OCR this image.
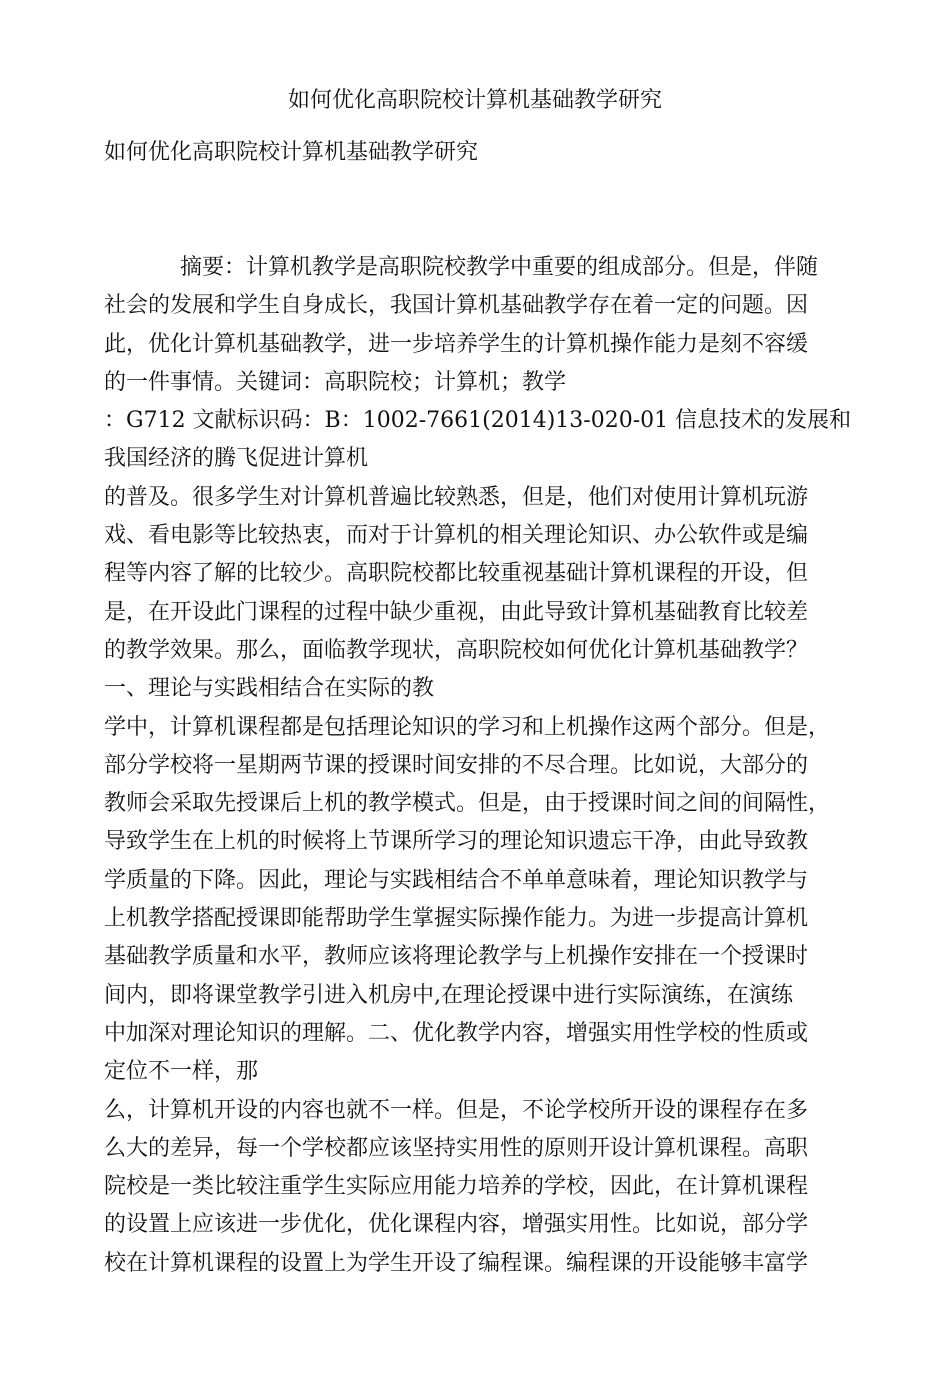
如何优化高职院校计算机基础教学研究
如何优化高职院校计算机基础教学研究
摘要：计算机教学是高职院校教学中重要的组成部分。但是，伴随
社会的发展和学生自身成长，我国计算机基础教学存在着一定的问题。因
此，优化计算机基础教学，进一步培养学生的计算机操作能力是刻不容缓
的一件事情。关键词：高职院校；计算机；教学
：G712 文献标识码：B：1002-7661(2014)13-020-01 信息技术的发展和
我国经济的腾飞促进计算机
的普及。很多学生对计算机普遍比较熟悉，但是，他们对使用计算机玩游
戏、看电影等比较热衷，而对于计算机的相关理论知识、办公软件或是编
程等内容了解的比较少。高职院校都比较重视基础计算机课程的开设，但
是，在开设此门课程的过程中缺少重视，由此导致计算机基础教育比较差
的教学效果。那么，面临教学现状，高职院校如何优化计算机基础教学？
一、理论与实践相结合在实际的教
学中，计算机课程都是包括理论知识的学习和上机操作这两个部分。但是，
部分学校将一星期两节课的授课时间安排的不尽合理。比如说，大部分的
教师会采取先授课后上机的教学模式。但是，由于授课时间之间的间隔性，
导致学生在上机的时候将上节课所学习的理论知识遗忘干净，由此导致教
学质量的下降。因此，理论与实践相结合不单单意味着，理论知识教学与
上机教学搭配授课即能帮助学生掌握实际操作能力。为进一步提高计算机
基础教学质量和水平，教师应该将理论教学与上机操作安排在一个授课时
间内，即将课堂教学引进入机房中,在理论授课中进行实际演练，在演练
中加深对理论知识的理解。二、优化教学内容，增强实用性学校的性质或
定位不一样，那
么，计算机开设的内容也就不一样。但是，不论学校所开设的课程存在多
么大的差异，每一个学校都应该坚持实用性的原则开设计算机课程。高职
院校是一类比较注重学生实际应用能力培养的学校，因此，在计算机课程
的设置上应该进一步优化，优化课程内容，增强实用性。比如说，部分学
校在计算机课程的设置上为学生开设了编程课。编程课的开设能够丰富学
